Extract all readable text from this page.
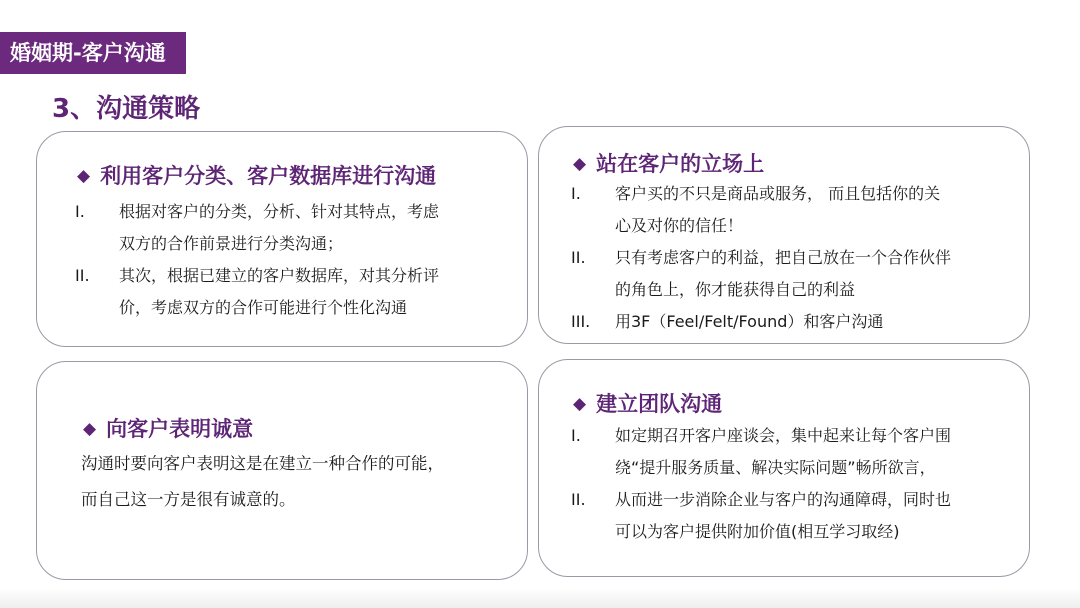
婚姻期-客户沟通
3、沟通策略
◆ 利用客户分类、客户数据库进行沟通
I. 根据对客户的分类，分析、针对其特点，考虑
双方的合作前景进行分类沟通；
II. 其次，根据已建立的客户数据库，对其分析评
价，考虑双方的合作可能进行个性化沟通
◆ 站在客户的立场上
I. 客户买的不只是商品或服务， 而且包括你的关
心及对你的信任！
II. 只有考虑客户的利益，把自己放在一个合作伙伴
的角色上，你才能获得自己的利益
III. 用3F（Feel/Felt/Found）和客户沟通
◆ 向客户表明诚意
沟通时要向客户表明这是在建立一种合作的可能，
而自己这一方是很有诚意的。
◆ 建立团队沟通
I. 如定期召开客户座谈会，集中起来让每个客户围
绕“提升服务质量、解决实际问题”畅所欲言，
II. 从而进一步消除企业与客户的沟通障碍，同时也
可以为客户提供附加价值(相互学习取经)
